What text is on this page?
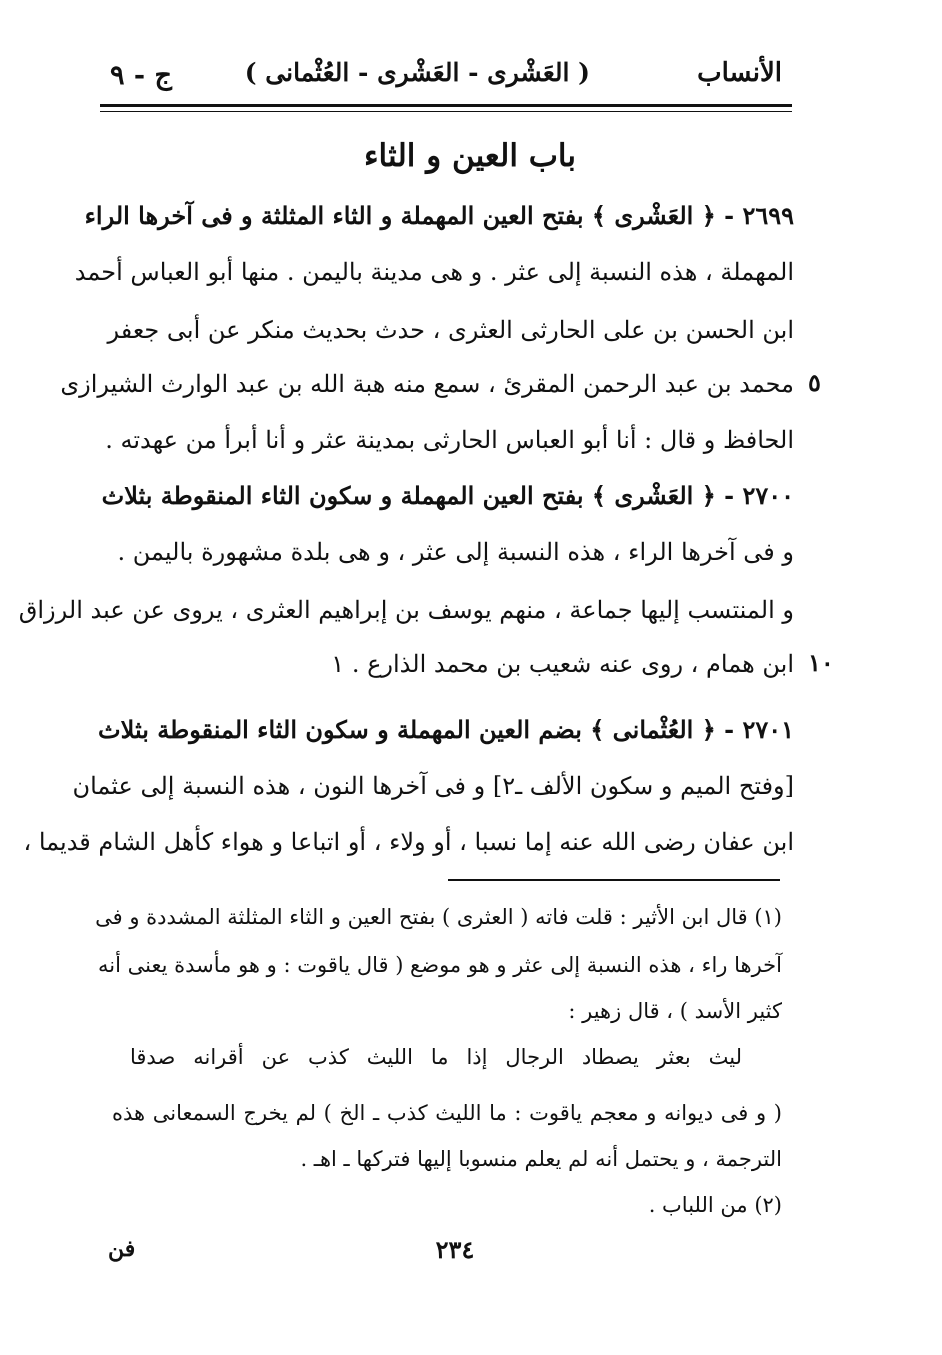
ج - ٩	( العَشْرى - العَشْرى - العُثْمانى )	الأنساب
باب العين و الثاء
٢٦٩٩ - ﴿ العَشْرى ﴾ بفتح العين المهملة و الثاء المثلثة و فى آخرها الراء
المهملة ، هذه النسبة إلى عثر . و هى مدينة باليمن . منها أبو العباس أحمد
ابن الحسن بن على الحارثى العثرى ، حدث بحديث منكر عن أبى جعفر
محمد بن عبد الرحمن المقرئ ، سمع منه هبة الله بن عبد الوارث الشيرازى
الحافظ و قال : أنا أبو العباس الحارثى بمدينة عثر و أنا أبرأ من عهدته .
٢٧٠٠ - ﴿ العَشْرى ﴾ بفتح العين المهملة و سكون الثاء المنقوطة بثلاث
و فى آخرها الراء ، هذه النسبة إلى عثر ، و هى بلدة مشهورة باليمن .
و المنتسب إليها جماعة ، منهم يوسف بن إبراهيم العثرى ، يروى عن عبد الرزاق
ابن همام ، روى عنه شعيب بن محمد الذارع . ١
٢٧٠١ - ﴿ العُثْمانى ﴾ بضم العين المهملة و سكون الثاء المنقوطة بثلاث
[وفتح الميم و سكون الألف ـ٢] و فى آخرها النون ، هذه النسبة إلى عثمان
ابن عفان رضى الله عنه إما نسبا ، أو ولاء ، أو اتباعا و هواء كأهل الشام قديما ،
٥
١٠
(١) قال ابن الأثير : قلت فاته ( العثرى ) بفتح العين و الثاء المثلثة المشددة و فى
آخرها راء ، هذه النسبة إلى عثر و هو موضع ( قال ياقوت : و هو مأسدة يعنى أنه
كثير الأسد ) ، قال زهير :
ليث بعثر يصطاد الرجال إذا ما الليث كذب عن أقرانه صدقا
( و فى ديوانه و معجم ياقوت : ما الليث كذب ـ الخ ) لم يخرج السمعانى هذه
الترجمة ، و يحتمل أنه لم يعلم منسوبا إليها فتركها ـ اهـ .
(٢) من اللباب .
٢٣٤
فن
